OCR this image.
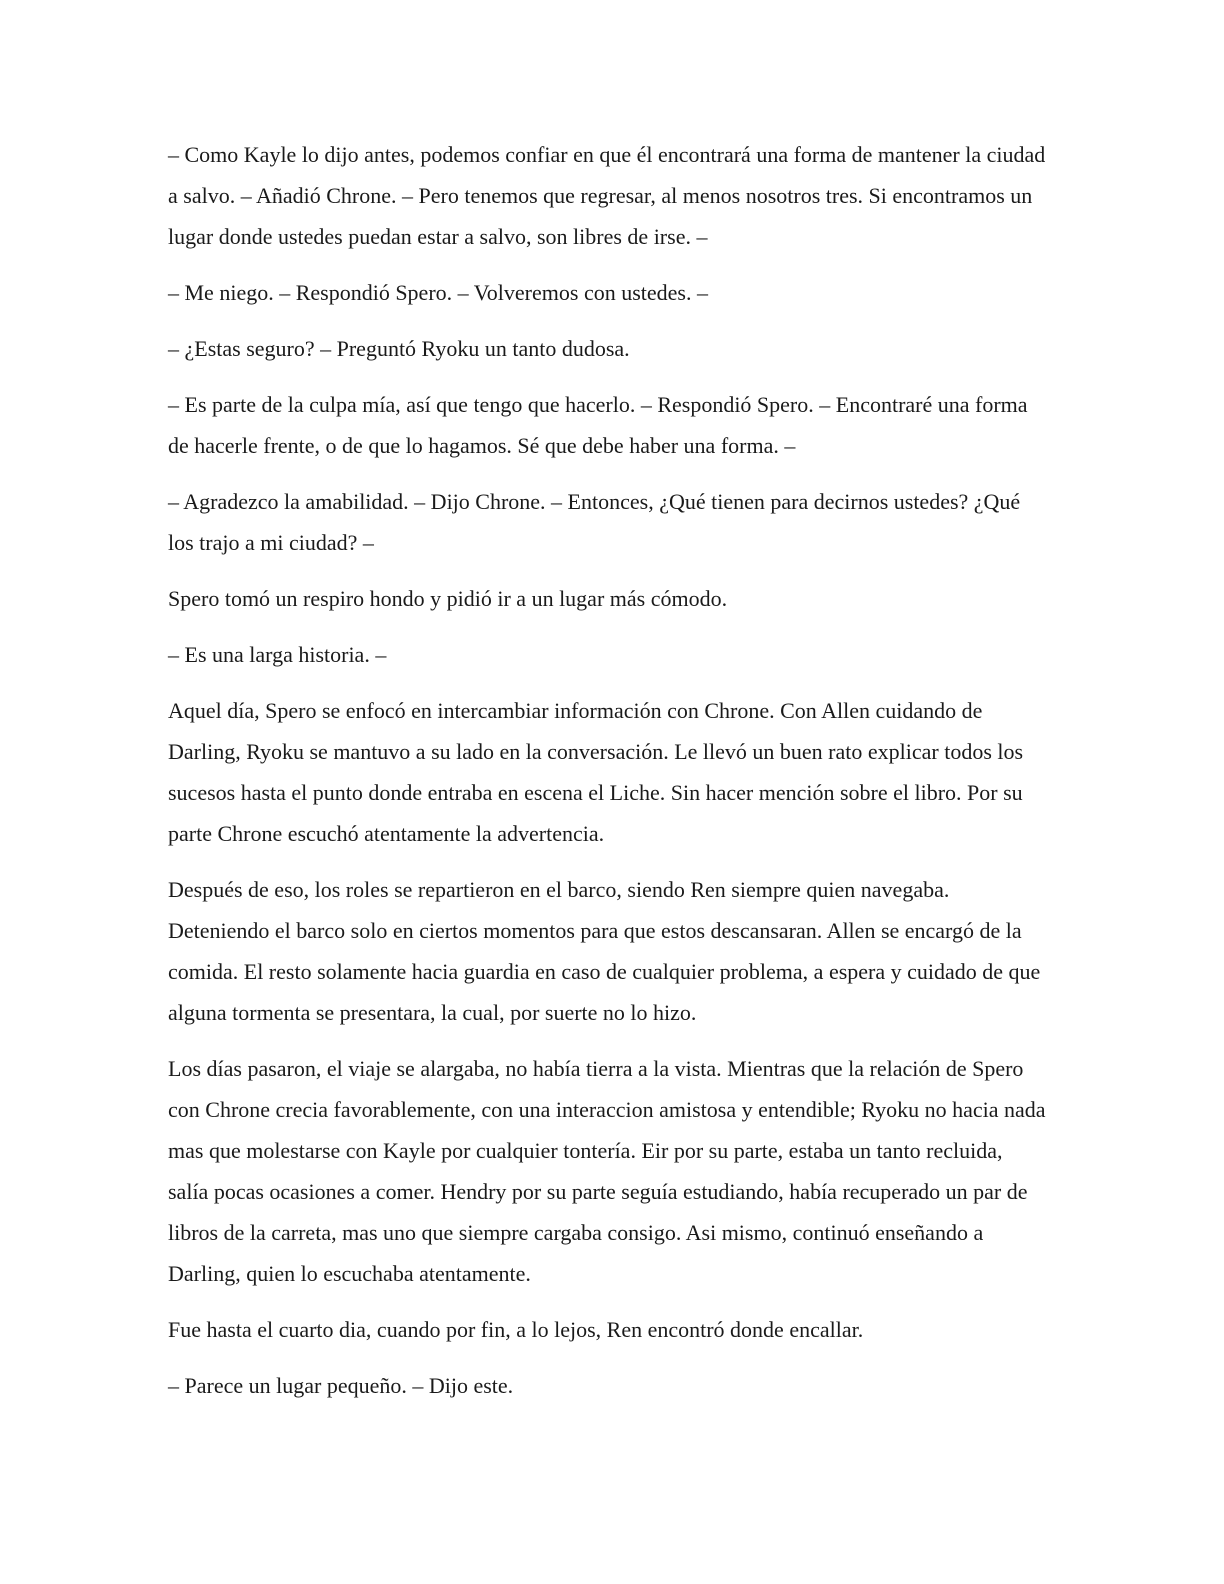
– Como Kayle lo dijo antes, podemos confiar en que él encontrará una forma de mantener la ciudad a salvo. – Añadió Chrone. – Pero tenemos que regresar, al menos nosotros tres. Si encontramos un lugar donde ustedes puedan estar a salvo, son libres de irse. –

– Me niego. – Respondió Spero. – Volveremos con ustedes. –

– ¿Estas seguro? – Preguntó Ryoku un tanto dudosa.

– Es parte de la culpa mía, así que tengo que hacerlo. – Respondió Spero. – Encontraré una forma de hacerle frente, o de que lo hagamos. Sé que debe haber una forma. –

– Agradezco la amabilidad. – Dijo Chrone. – Entonces, ¿Qué tienen para decirnos ustedes? ¿Qué los trajo a mi ciudad? –

Spero tomó un respiro hondo y pidió ir a un lugar más cómodo.

– Es una larga historia. –

Aquel día, Spero se enfocó en intercambiar información con Chrone. Con Allen cuidando de Darling, Ryoku se mantuvo a su lado en la conversación. Le llevó un buen rato explicar todos los sucesos hasta el punto donde entraba en escena el Liche. Sin hacer mención sobre el libro. Por su parte Chrone escuchó atentamente la advertencia.

Después de eso, los roles se repartieron en el barco, siendo Ren siempre quien navegaba. Deteniendo el barco solo en ciertos momentos para que estos descansaran. Allen se encargó de la comida. El resto solamente hacia guardia en caso de cualquier problema, a espera y cuidado de que alguna tormenta se presentara, la cual, por suerte no lo hizo.

Los días pasaron, el viaje se alargaba, no había tierra a la vista. Mientras que la relación de Spero con Chrone crecia favorablemente, con una interaccion amistosa y entendible; Ryoku no hacia nada mas que molestarse con Kayle por cualquier tontería. Eir por su parte, estaba un tanto recluida, salía pocas ocasiones a comer. Hendry por su parte seguía estudiando, había recuperado un par de libros de la carreta, mas uno que siempre cargaba consigo. Asi mismo, continuó enseñando a Darling, quien lo escuchaba atentamente.

Fue hasta el cuarto dia, cuando por fin, a lo lejos, Ren encontró donde encallar.

– Parece un lugar pequeño. – Dijo este.
